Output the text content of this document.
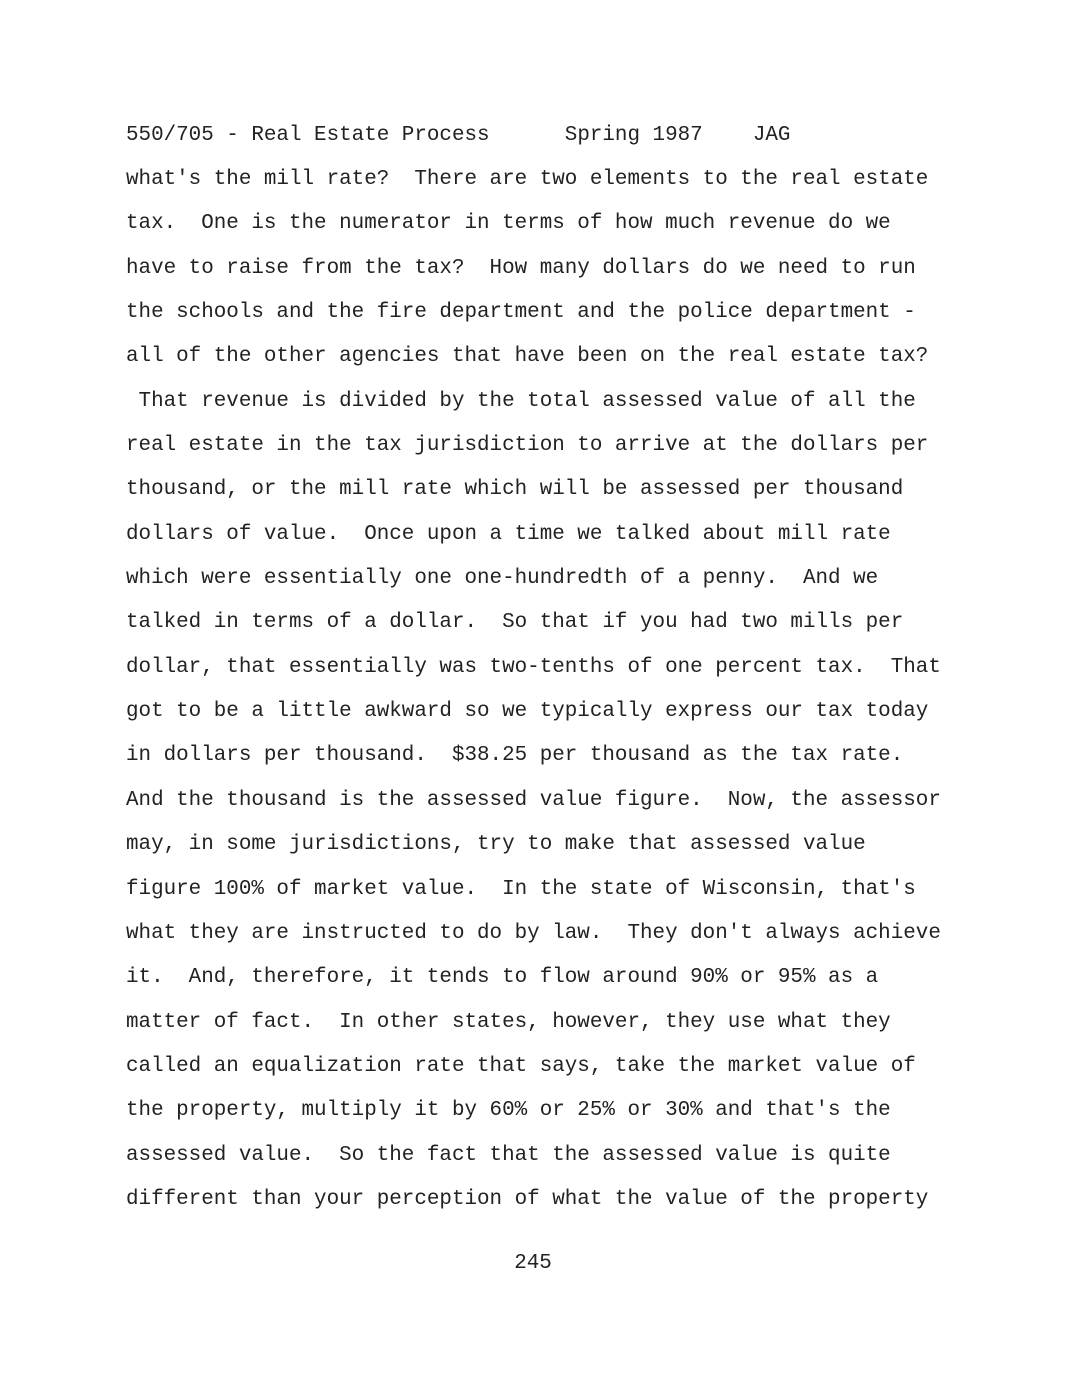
550/705 - Real Estate Process	Spring 1987 JAG
what's the mill rate?  There are two elements to the real estate
tax.  One is the numerator in terms of how much revenue do we
have to raise from the tax?  How many dollars do we need to run
the schools and the fire department and the police department -
all of the other agencies that have been on the real estate tax?
That revenue is divided by the total assessed value of all the
real estate in the tax jurisdiction to arrive at the dollars per
thousand, or the mill rate which will be assessed per thousand
dollars of value.  Once upon a time we talked about mill rate
which were essentially one one-hundredth of a penny.  And we
talked in terms of a dollar.  So that if you had two mills per
dollar, that essentially was two-tenths of one percent tax.  That
got to be a little awkward so we typically express our tax today
in dollars per thousand.  $38.25 per thousand as the tax rate.
And the thousand is the assessed value figure.  Now, the assessor
may, in some jurisdictions, try to make that assessed value
figure 100% of market value.  In the state of Wisconsin, that's
what they are instructed to do by law.  They don't always achieve
it.  And, therefore, it tends to flow around 90% or 95% as a
matter of fact.  In other states, however, they use what they
called an equalization rate that says, take the market value of
the property, multiply it by 60% or 25% or 30% and that's the
assessed value.  So the fact that the assessed value is quite
different than your perception of what the value of the property
245
